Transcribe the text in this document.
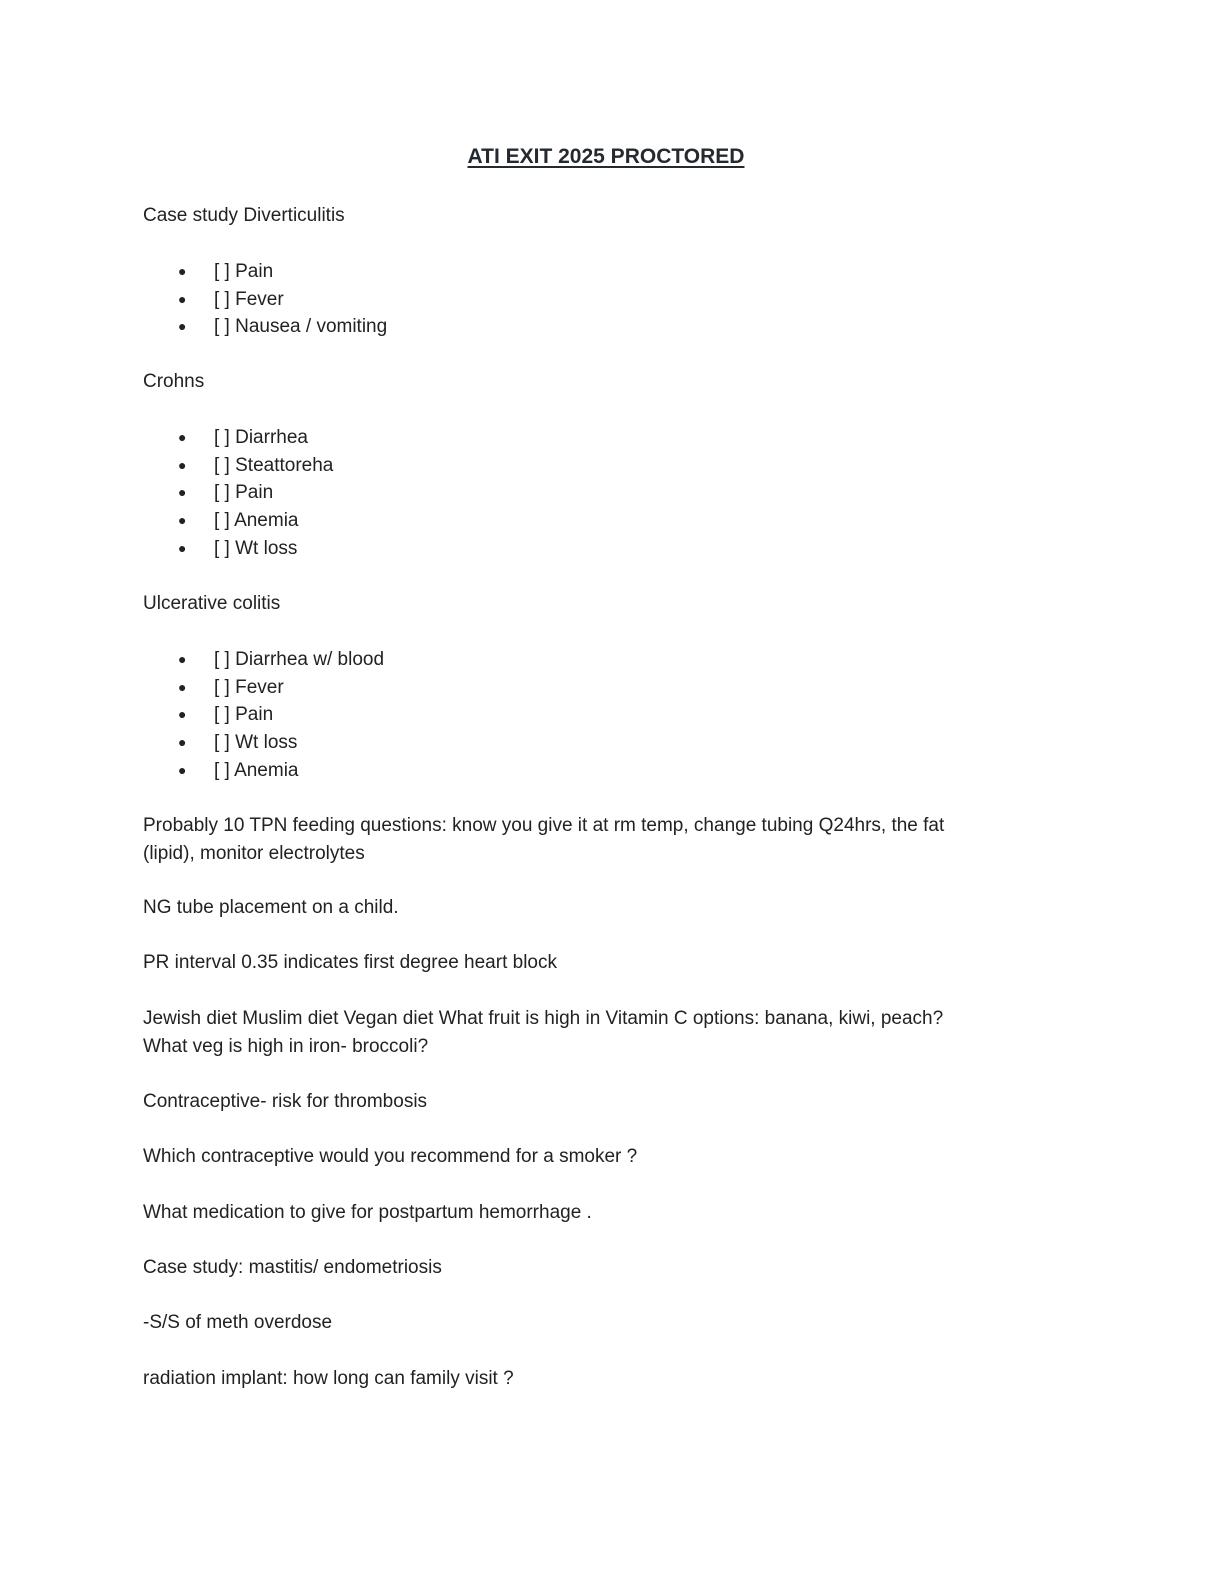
ATI EXIT 2025 PROCTORED

Case study Diverticulitis

● [ ] Pain
● [ ] Fever
● [ ] Nausea / vomiting

Crohns

● [ ] Diarrhea
● [ ] Steattoreha
● [ ] Pain
● [ ] Anemia
● [ ] Wt loss

Ulcerative colitis

● [ ] Diarrhea w/ blood
● [ ] Fever
● [ ] Pain
● [ ] Wt loss
● [ ] Anemia

Probably 10 TPN feeding questions: know you give it at rm temp, change tubing Q24hrs, the fat
(lipid), monitor electrolytes

NG tube placement on a child.

PR interval 0.35 indicates first degree heart block

Jewish diet Muslim diet Vegan diet What fruit is high in Vitamin C options: banana, kiwi, peach?
What veg is high in iron- broccoli?

Contraceptive- risk for thrombosis

Which contraceptive would you recommend for a smoker ?

What medication to give for postpartum hemorrhage .

Case study: mastitis/ endometriosis

-S/S of meth overdose

radiation implant: how long can family visit ?
